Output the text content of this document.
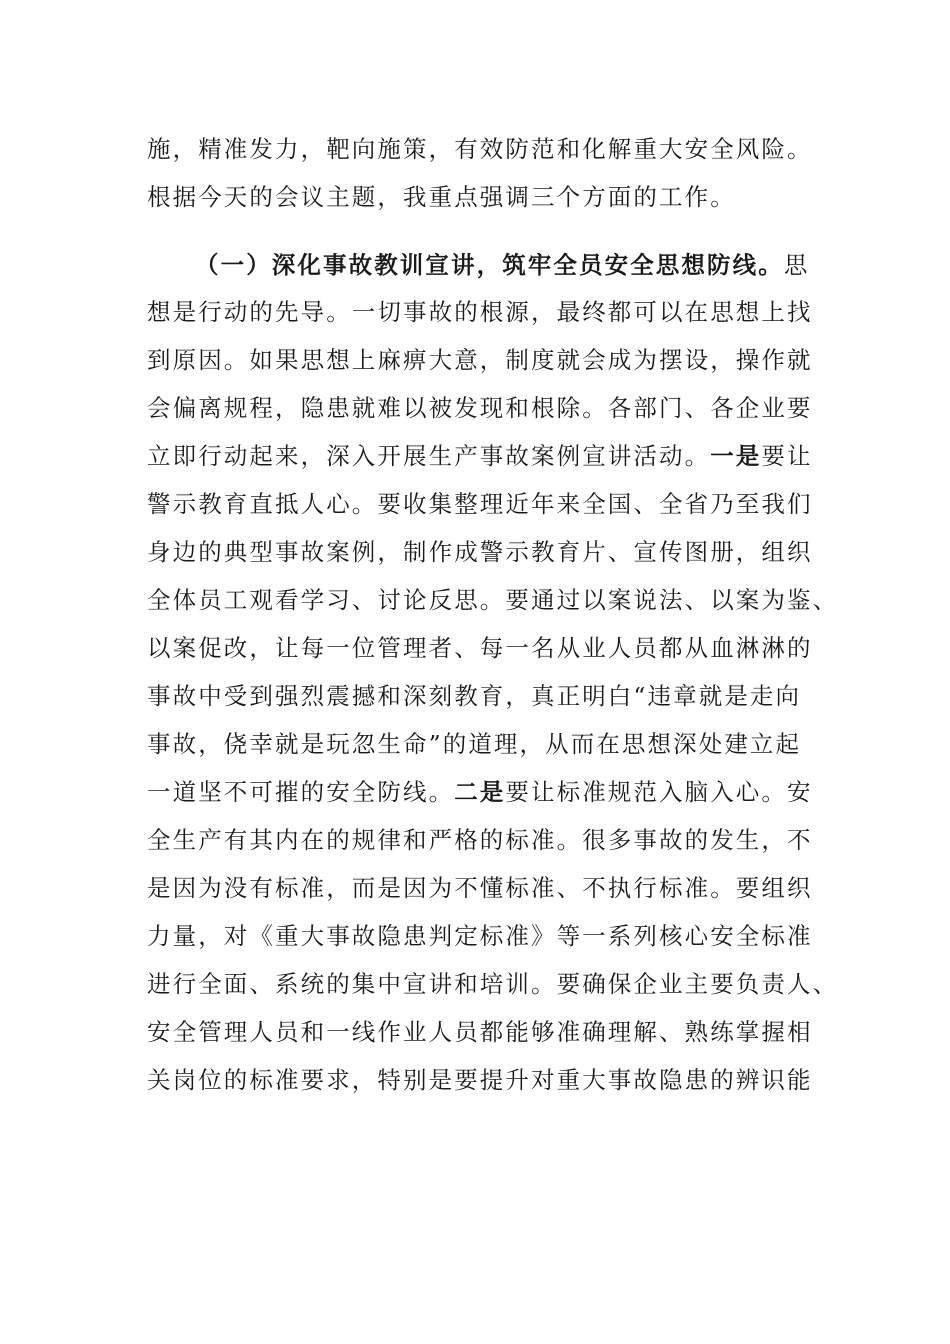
施，精准发力，靶向施策，有效防范和化解重大安全风险。
根据今天的会议主题，我重点强调三个方面的工作。
（一）深化事故教训宣讲，筑牢全员安全思想防线。思
想是行动的先导。一切事故的根源，最终都可以在思想上找
到原因。如果思想上麻痹大意，制度就会成为摆设，操作就
会偏离规程，隐患就难以被发现和根除。各部门、各企业要
立即行动起来，深入开展生产事故案例宣讲活动。一是要让
警示教育直抵人心。要收集整理近年来全国、全省乃至我们
身边的典型事故案例，制作成警示教育片、宣传图册，组织
全体员工观看学习、讨论反思。要通过以案说法、以案为鉴、
以案促改，让每一位管理者、每一名从业人员都从血淋淋的
事故中受到强烈震撼和深刻教育，真正明白“违章就是走向
事故，侥幸就是玩忽生命”的道理，从而在思想深处建立起
一道坚不可摧的安全防线。二是要让标准规范入脑入心。安
全生产有其内在的规律和严格的标准。很多事故的发生，不
是因为没有标准，而是因为不懂标准、不执行标准。要组织
力量，对《重大事故隐患判定标准》等一系列核心安全标准
进行全面、系统的集中宣讲和培训。要确保企业主要负责人、
安全管理人员和一线作业人员都能够准确理解、熟练掌握相
关岗位的标准要求，特别是要提升对重大事故隐患的辨识能
